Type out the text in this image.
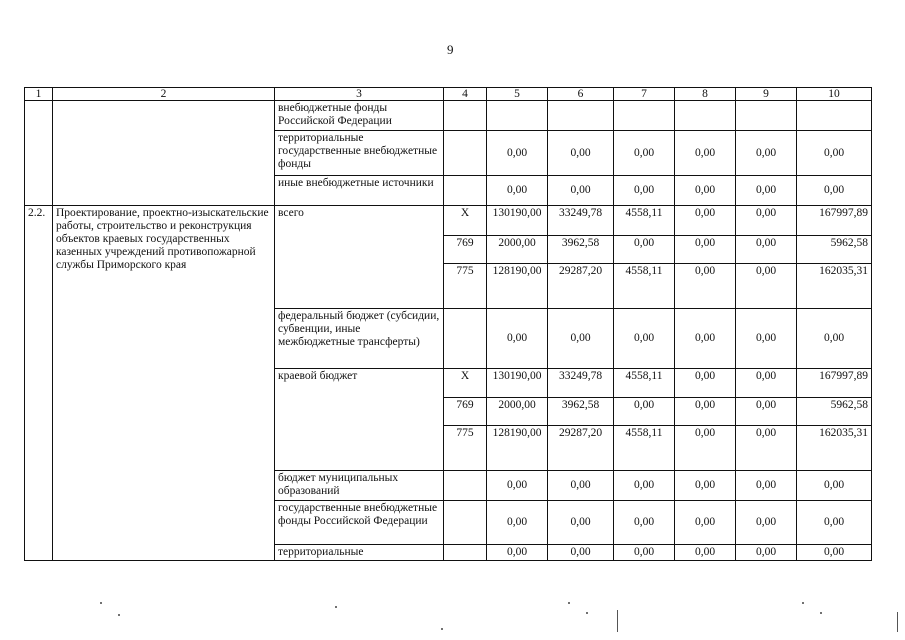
9
1	2	3	4	5	6	7	8	9	10
		внебюджетные фонды Российской Федерации							
		территориальные государственные внебюджетные фонды		0,00	0,00	0,00	0,00	0,00	0,00
		иные внебюджетные источники		0,00	0,00	0,00	0,00	0,00	0,00
2.2.	Проектирование, проектно-изыскательские работы, строительство и реконструкция объектов краевых государственных казенных учреждений противопожарной службы Приморского края	всего	X	130190,00	33249,78	4558,11	0,00	0,00	167997,89
			769	2000,00	3962,58	0,00	0,00	0,00	5962,58
			775	128190,00	29287,20	4558,11	0,00	0,00	162035,31
		федеральный бюджет (субсидии, субвенции, иные межбюджетные трансферты)		0,00	0,00	0,00	0,00	0,00	0,00
		краевой бюджет	X	130190,00	33249,78	4558,11	0,00	0,00	167997,89
			769	2000,00	3962,58	0,00	0,00	0,00	5962,58
			775	128190,00	29287,20	4558,11	0,00	0,00	162035,31
		бюджет муниципальных образований		0,00	0,00	0,00	0,00	0,00	0,00
		государственные внебюджетные фонды Российской Федерации		0,00	0,00	0,00	0,00	0,00	0,00
		территориальные		0,00	0,00	0,00	0,00	0,00	0,00
